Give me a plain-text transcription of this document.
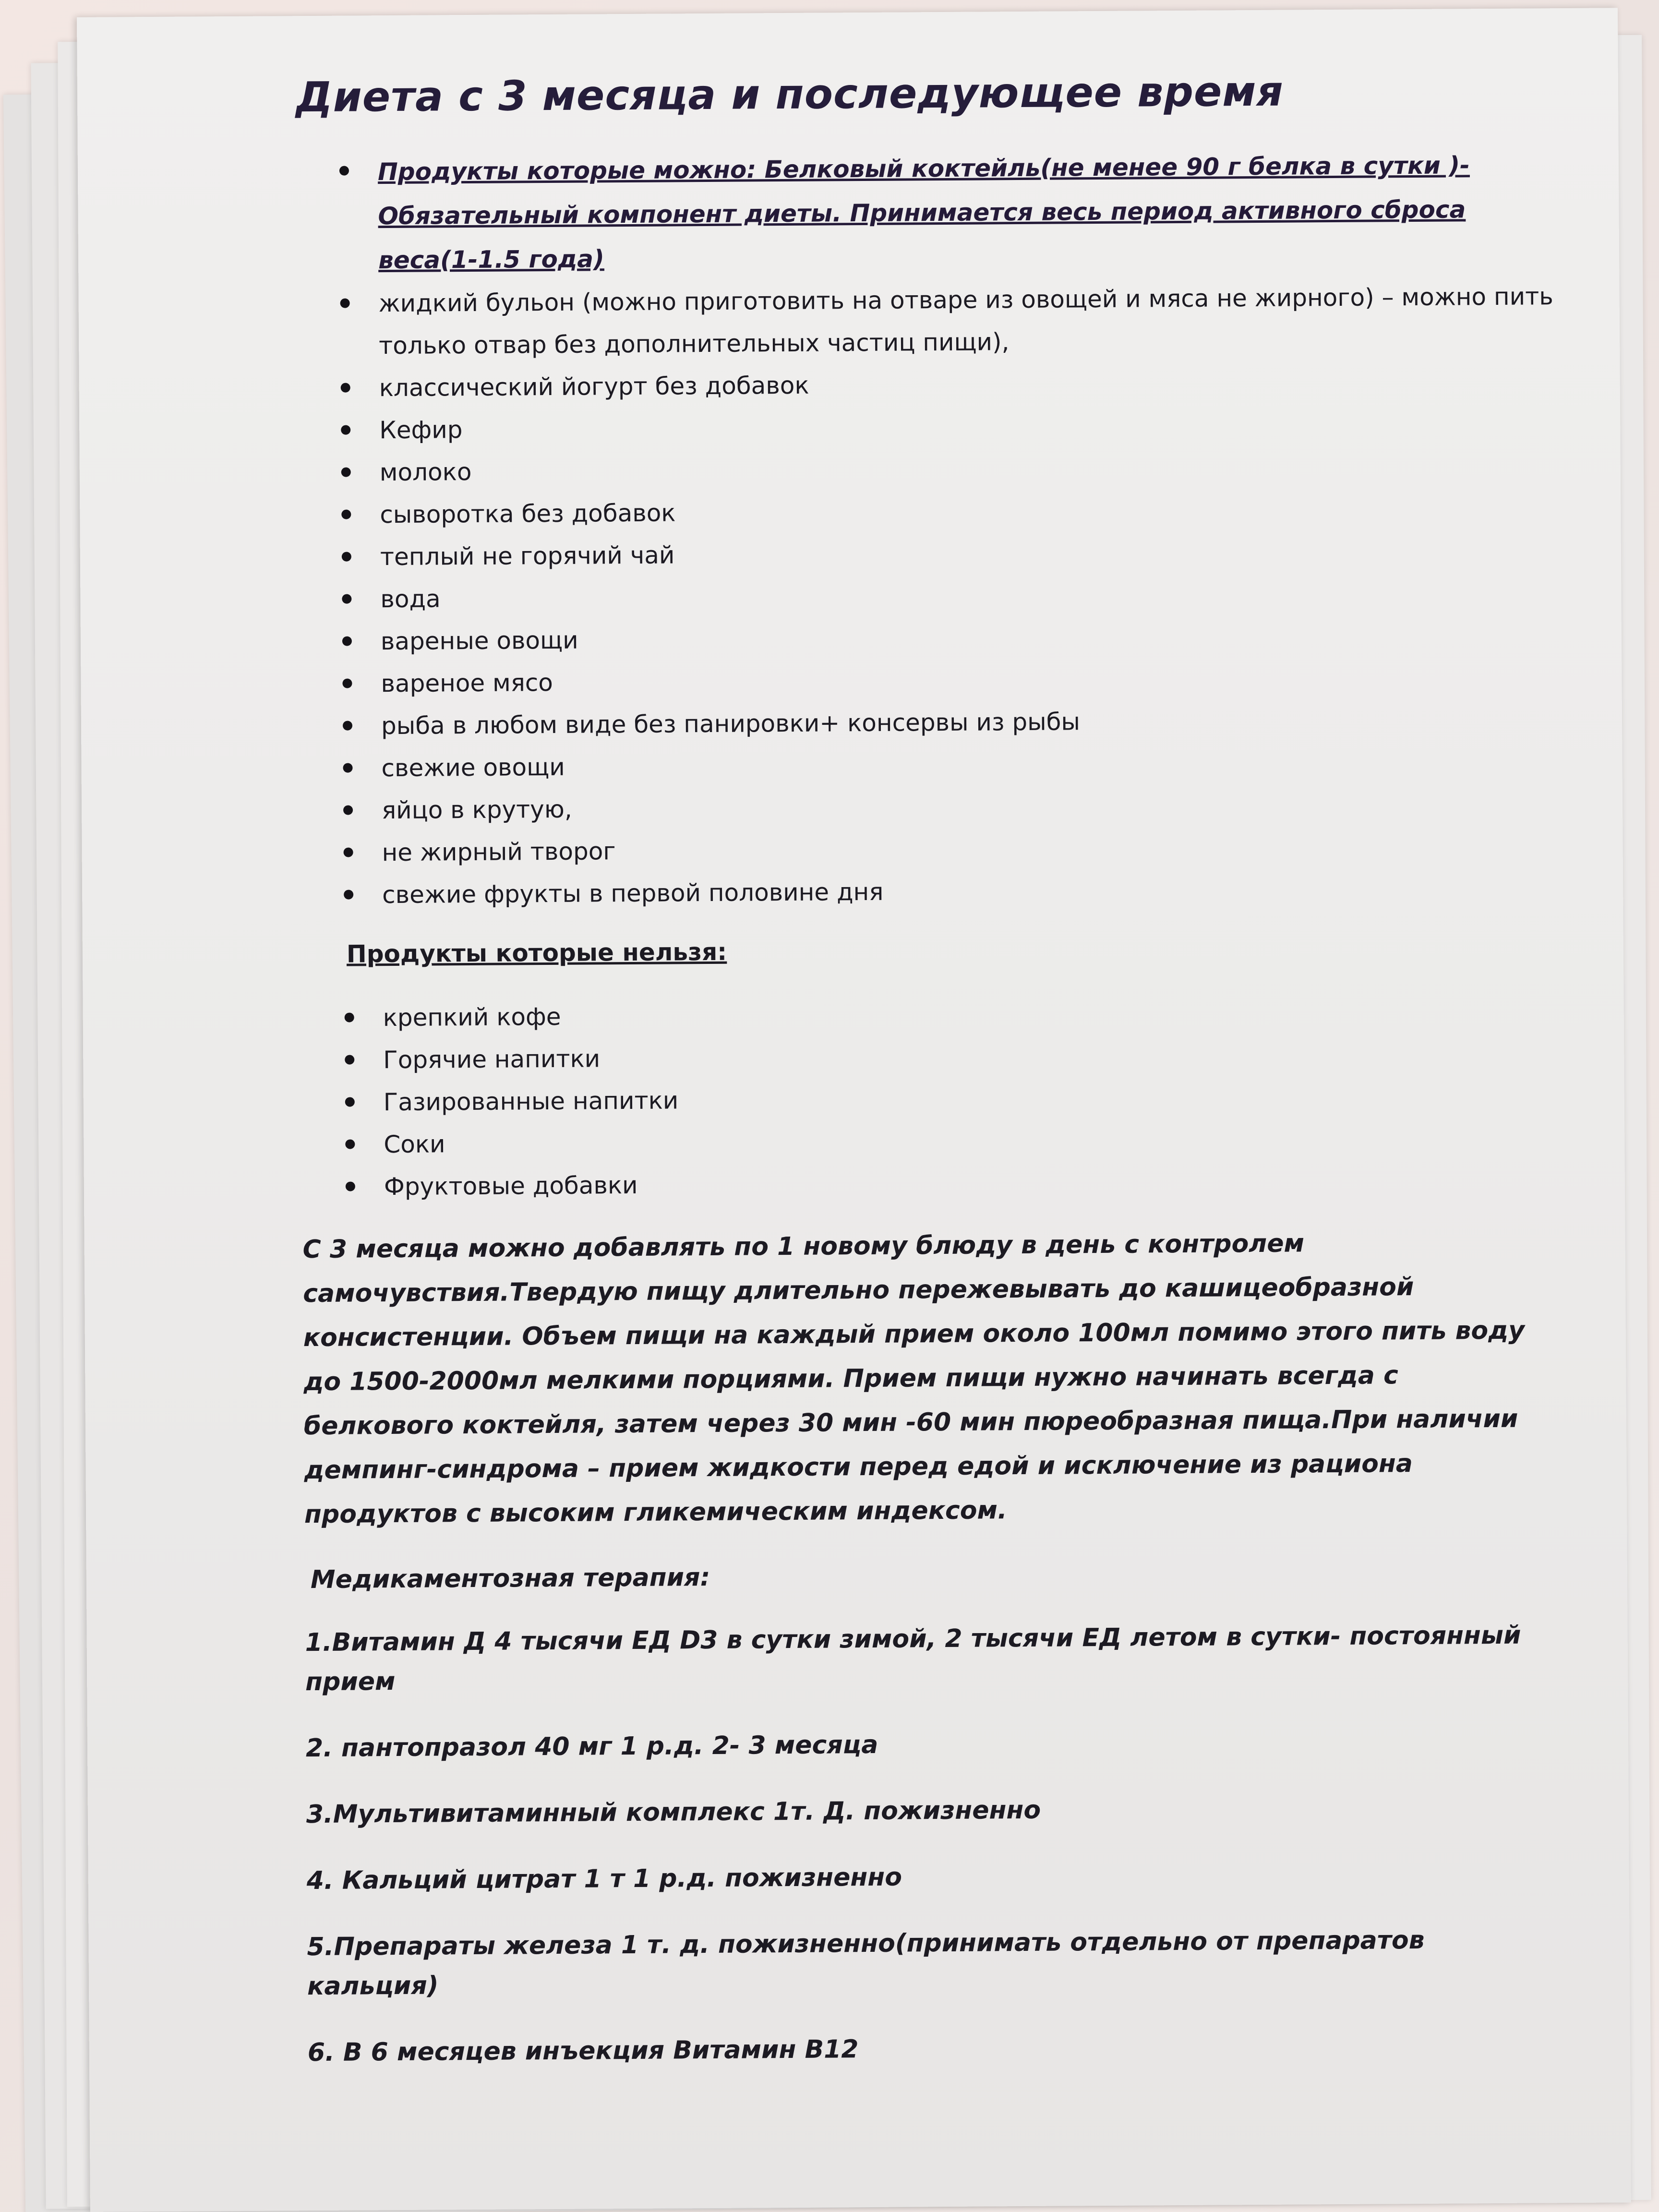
Диета с 3 месяца и последующее время
Продукты которые можно: Белковый коктейль(не менее 90 г белка в сутки )- Обязательный компонент диеты. Принимается весь период активного сброса веса(1-1.5 года)
жидкий бульон (можно приготовить на отваре из овощей и мяса не жирного) – можно пить только отвар без дополнительных частиц пищи),
классический йогурт без добавок
Кефир
молоко
сыворотка без добавок
теплый не горячий чай
вода
вареные овощи
вареное мясо
рыба в любом виде без панировки+ консервы из рыбы
свежие овощи
яйцо в крутую,
не жирный творог
свежие фрукты в первой половине дня
Продукты которые нельзя:
крепкий кофе
Горячие напитки
Газированные напитки
Соки
Фруктовые добавки
С 3 месяца можно добавлять по 1 новому блюду в день с контролем самочувствия.Твердую пищу длительно пережевывать до кашицеобразной консистенции. Объем пищи на каждый прием около 100мл помимо этого пить воду до 1500-2000мл мелкими порциями. Прием пищи нужно начинать всегда с белкового коктейля, затем через 30 мин -60 мин пюреобразная пища.При наличии демпинг-синдрома – прием жидкости перед едой и исключение из рациона продуктов с высоким гликемическим индексом.
Медикаментозная терапия:
1.Витамин Д 4 тысячи ЕД D3 в сутки зимой, 2 тысячи ЕД летом в сутки- постоянный прием
2. пантопразол 40 мг 1 р.д. 2- 3 месяца
3.Мультивитаминный комплекс 1т. Д. пожизненно
4. Кальций цитрат 1 т 1 р.д. пожизненно
5.Препараты железа 1 т. д. пожизненно(принимать отдельно от препаратов кальция)
6. В 6 месяцев инъекция Витамин В12
